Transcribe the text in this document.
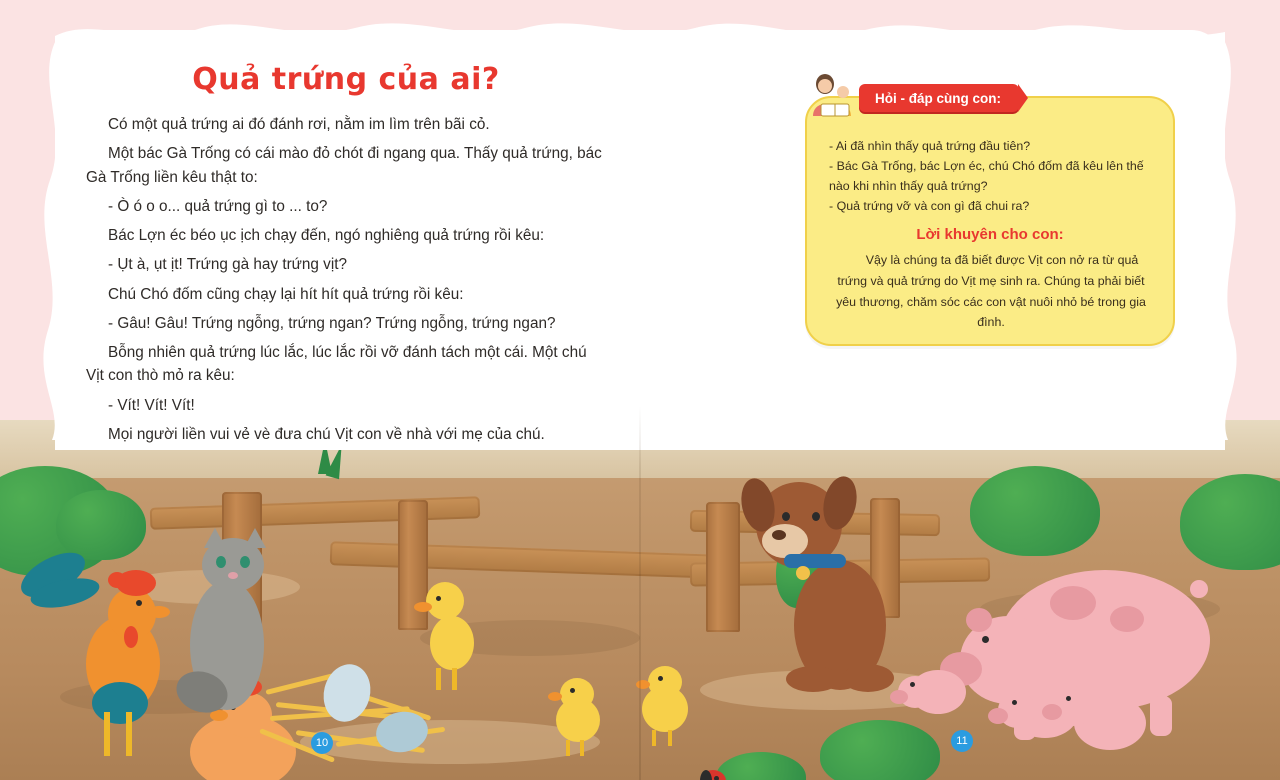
Quả trứng của ai?

Có một quả trứng ai đó đánh rơi, nằm im lìm trên bãi cỏ.

Một bác Gà Trống có cái mào đỏ chót đi ngang qua. Thấy quả trứng, bác Gà Trống liền kêu thật to:

- Ò ó o o... quả trứng gì to ... to?

Bác Lợn éc béo ục ịch chạy đến, ngó nghiêng quả trứng rồi kêu:

- Ụt à, ụt ịt! Trứng gà hay trứng vịt?

Chú Chó đốm cũng chạy lại hít hít quả trứng rồi kêu:

- Gâu! Gâu! Trứng ngỗng, trứng ngan? Trứng ngỗng, trứng ngan?

Bỗng nhiên quả trứng lúc lắc, lúc lắc rồi vỡ đánh tách một cái. Một chú Vịt con thò mỏ ra kêu:

- Vít! Vít! Vít!

Mọi người liền vui vẻ vè đưa chú Vịt con về nhà với mẹ của chú.

Hỏi - đáp cùng con:
- Ai đã nhìn thấy quả trứng đầu tiên?
- Bác Gà Trống, bác Lợn éc, chú Chó đốm đã kêu lên thế nào khi nhìn thấy quả trứng?
- Quả trứng vỡ và con gì đã chui ra?
Lời khuyên cho con:
Vậy là chúng ta đã biết được Vịt con nở ra từ quả trứng và quả trứng do Vịt mẹ sinh ra. Chúng ta phải biết yêu thương, chăm sóc các con vật nuôi nhỏ bé trong gia đình.
10	11
